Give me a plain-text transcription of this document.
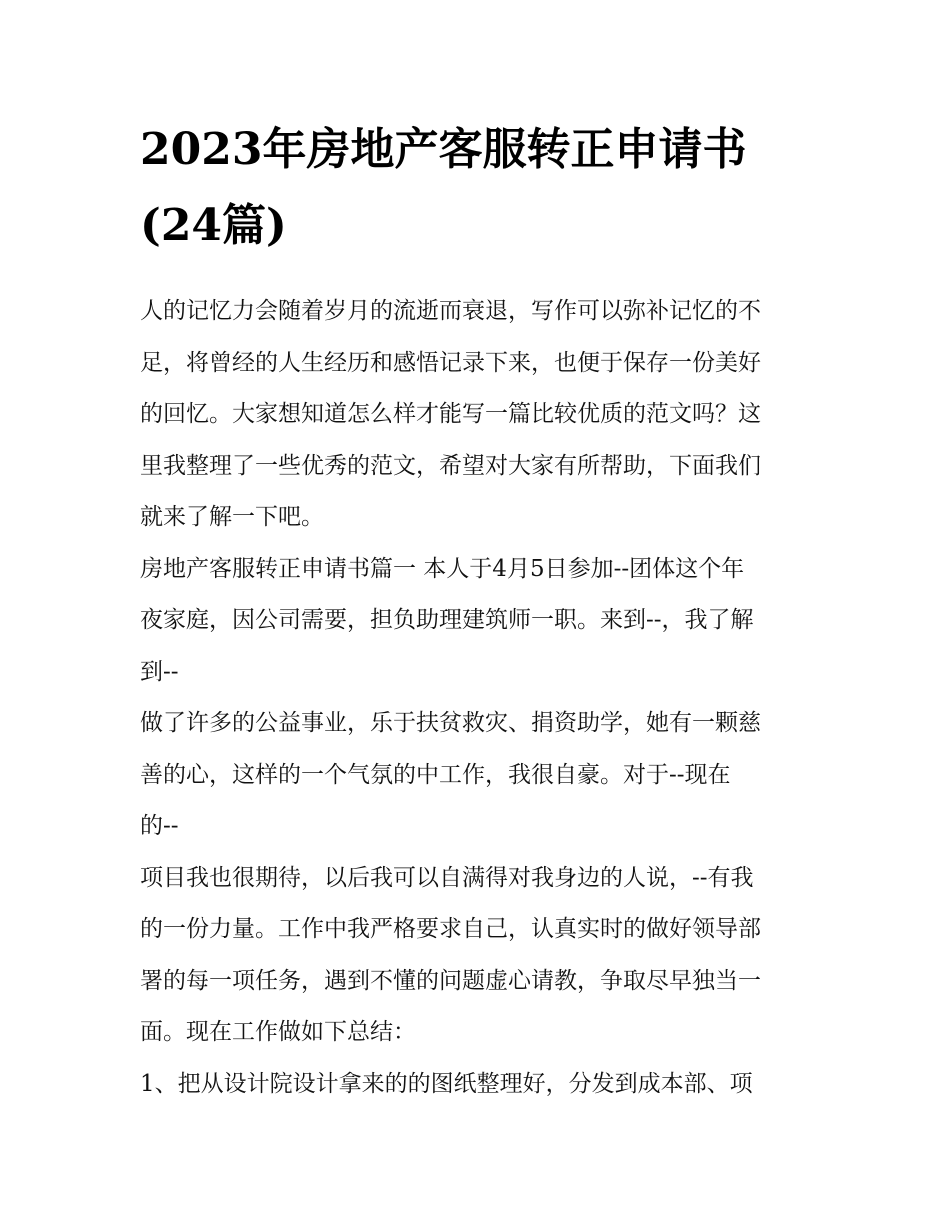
2023年房地产客服转正申请书
(24篇)

人的记忆力会随着岁月的流逝而衰退，写作可以弥补记忆的不
足，将曾经的人生经历和感悟记录下来，也便于保存一份美好
的回忆。大家想知道怎么样才能写一篇比较优质的范文吗？这
里我整理了一些优秀的范文，希望对大家有所帮助，下面我们
就来了解一下吧。

房地产客服转正申请书篇一 本人于4月5日参加--团体这个年
夜家庭，因公司需要，担负助理建筑师一职。来到--，我了解
到--

做了许多的公益事业，乐于扶贫救灾、捐资助学，她有一颗慈
善的心，这样的一个气氛的中工作，我很自豪。对于--现在
的--

项目我也很期待，以后我可以自满得对我身边的人说，--有我
的一份力量。工作中我严格要求自己，认真实时的做好领导部
署的每一项任务，遇到不懂的问题虚心请教，争取尽早独当一
面。现在工作做如下总结：

1、把从设计院设计拿来的的图纸整理好，分发到成本部、项
